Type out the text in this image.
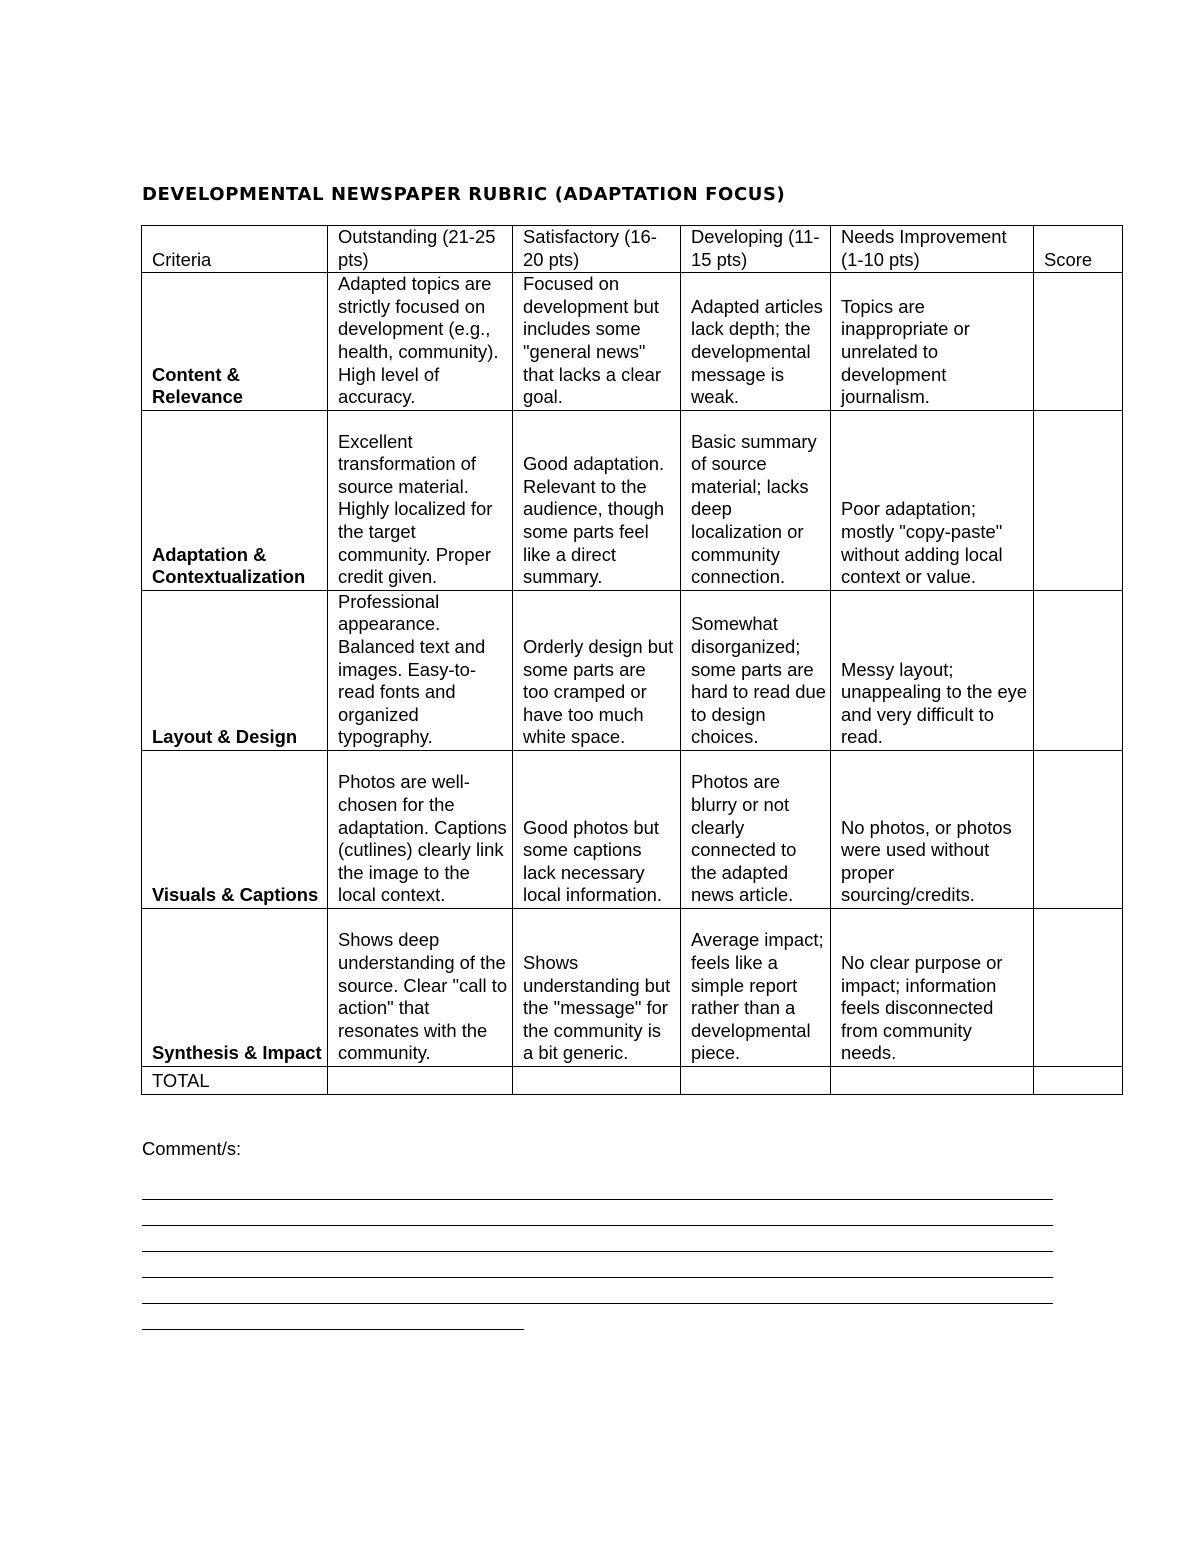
DEVELOPMENTAL NEWSPAPER RUBRIC (ADAPTATION FOCUS)
Criteria	Outstanding (21-25 pts)	Satisfactory (16-20 pts)	Developing (11-15 pts)	Needs Improvement (1-10 pts)	Score
Content & Relevance	Adapted topics are strictly focused on development (e.g., health, community). High level of accuracy.	Focused on development but includes some "general news" that lacks a clear goal.	Adapted articles lack depth; the developmental message is weak.	Topics are inappropriate or unrelated to development journalism.	
Adaptation & Contextualization	Excellent transformation of source material. Highly localized for the target community. Proper credit given.	Good adaptation. Relevant to the audience, though some parts feel like a direct summary.	Basic summary of source material; lacks deep localization or community connection.	Poor adaptation; mostly "copy-paste" without adding local context or value.	
Layout & Design	Professional appearance. Balanced text and images. Easy-to-read fonts and organized typography.	Orderly design but some parts are too cramped or have too much white space.	Somewhat disorganized; some parts are hard to read due to design choices.	Messy layout; unappealing to the eye and very difficult to read.	
Visuals & Captions	Photos are well-chosen for the adaptation. Captions (cutlines) clearly link the image to the local context.	Good photos but some captions lack necessary local information.	Photos are blurry or not clearly connected to the adapted news article.	No photos, or photos were used without proper sourcing/credits.	
Synthesis & Impact	Shows deep understanding of the source. Clear "call to action" that resonates with the community.	Shows understanding but the "message" for the community is a bit generic.	Average impact; feels like a simple report rather than a developmental piece.	No clear purpose or impact; information feels disconnected from community needs.	
TOTAL					
Comment/s:
